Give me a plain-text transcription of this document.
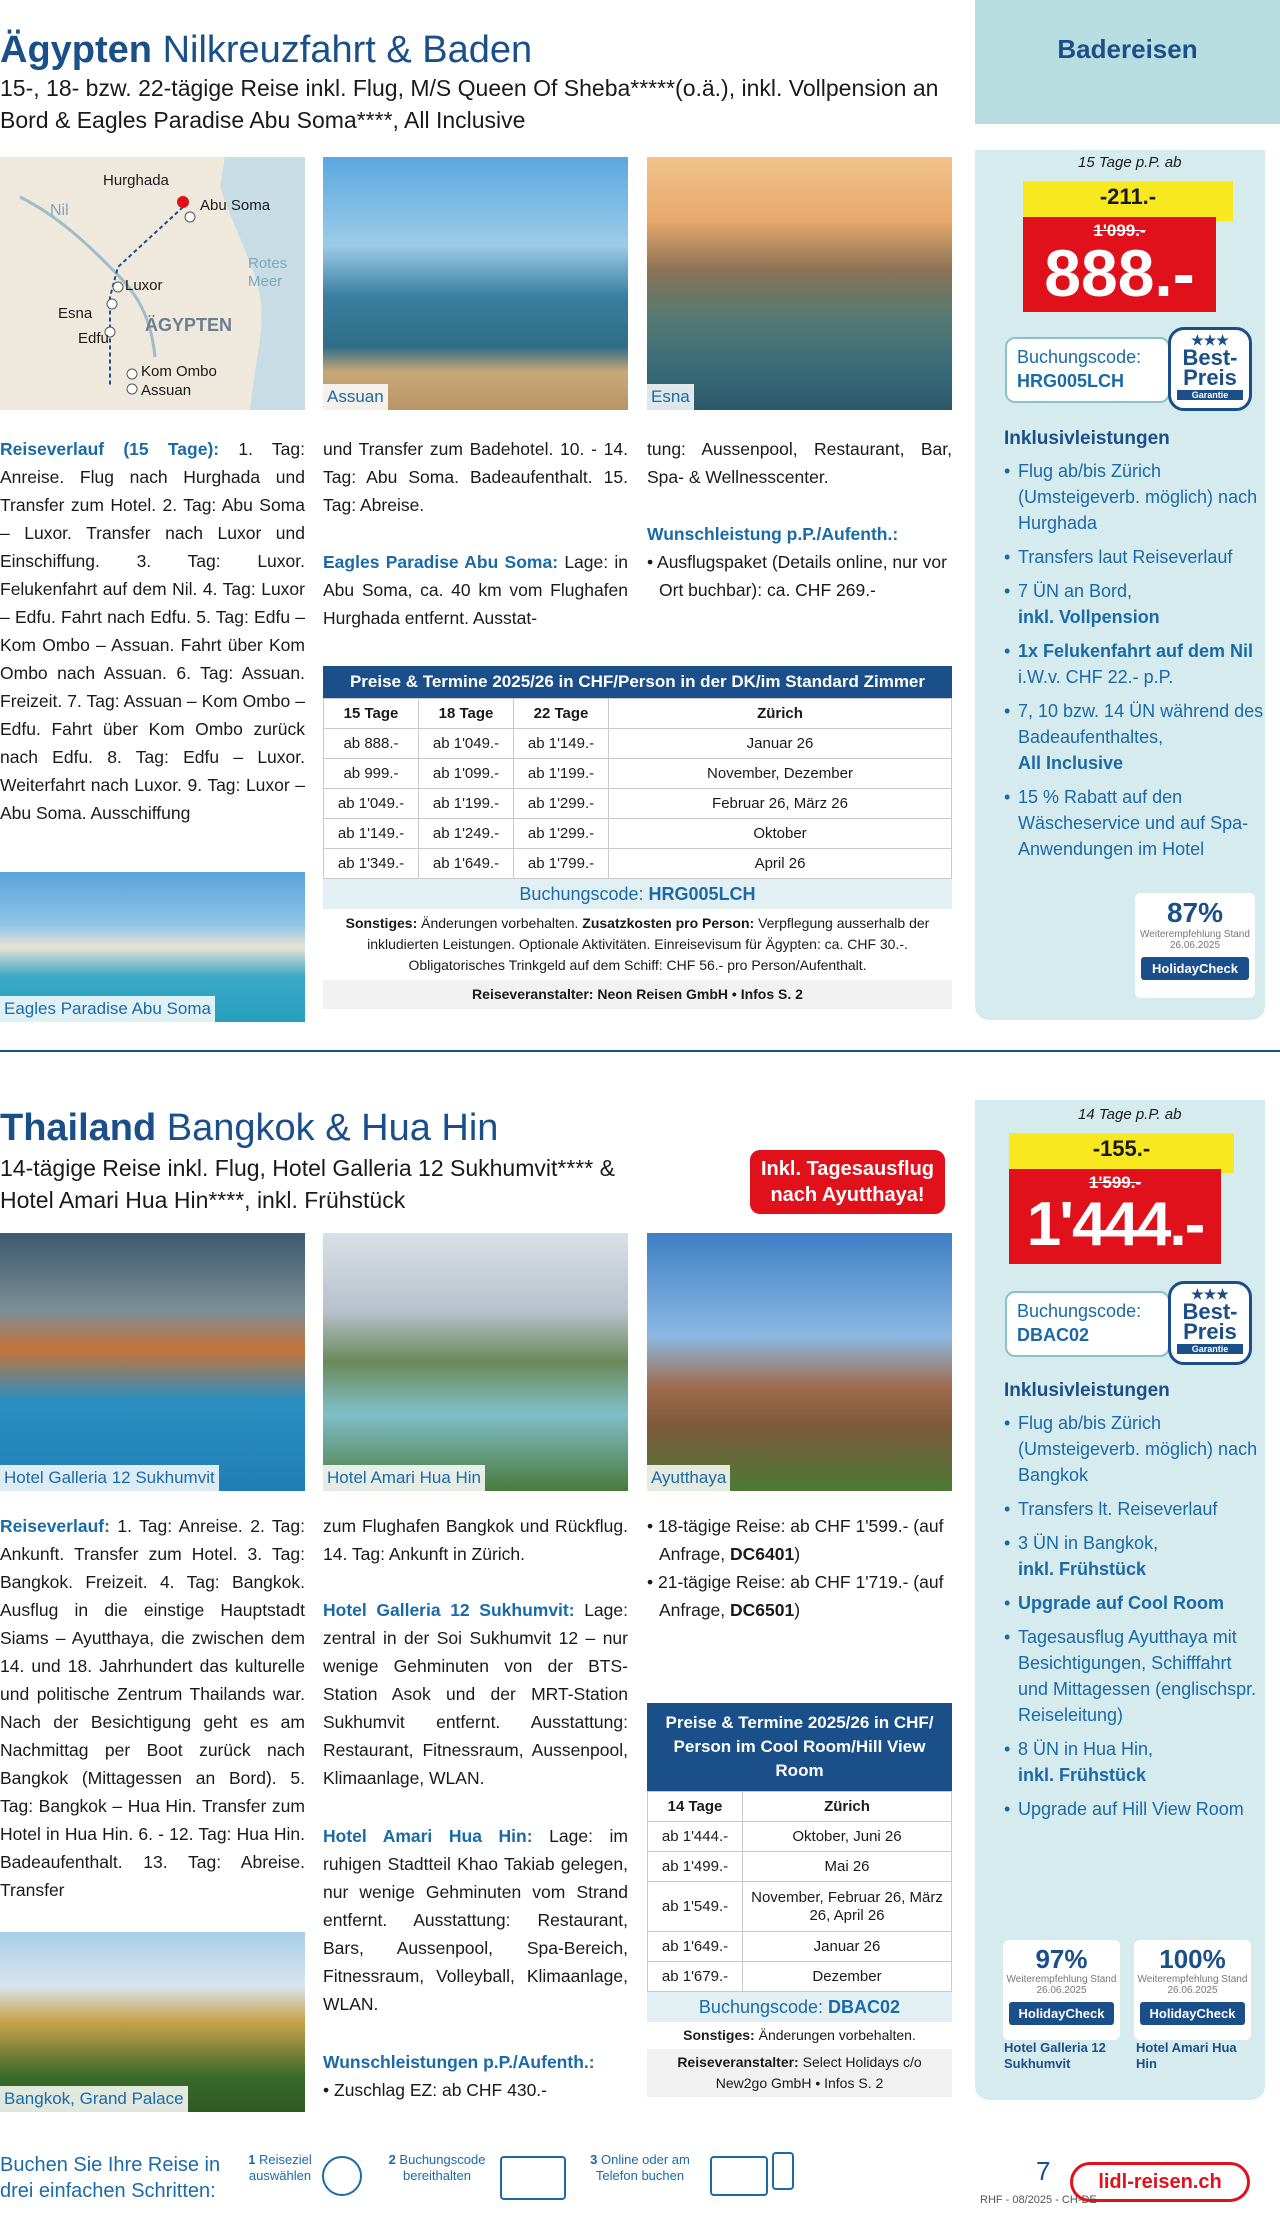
Ägypten Nilkreuzfahrt & Baden
15-, 18- bzw. 22-tägige Reise inkl. Flug, M/S Queen Of Sheba*****(o.ä.), inkl. Vollpension an Bord & Eagles Paradise Abu Soma****, All Inclusive
Hurghada
Abu Soma
Nil
Luxor
Rotes Meer
Esna
ÄGYPTEN
Edfu
Kom Ombo
Assuan	Assuan	Esna
Reiseverlauf (15 Tage): 1. Tag: Anreise. Flug nach Hurghada und Transfer zum Hotel. 2. Tag: Abu Soma – Luxor. Transfer nach Luxor und Einschiffung. 3. Tag: Luxor. Felukenfahrt auf dem Nil. 4. Tag: Luxor – Edfu. Fahrt nach Edfu. 5. Tag: Edfu – Kom Ombo – Assuan. Fahrt über Kom Ombo nach Assuan. 6. Tag: Assuan. Freizeit. 7. Tag: Assuan – Kom Ombo – Edfu. Fahrt über Kom Ombo zurück nach Edfu. 8. Tag: Edfu – Luxor. Weiterfahrt nach Luxor. 9. Tag: Luxor – Abu Soma. Ausschiffung
Eagles Paradise Abu Soma
und Transfer zum Badehotel. 10. - 14. Tag: Abu Soma. Badeaufenthalt. 15. Tag: Abreise.
Eagles Paradise Abu Soma: Lage: in Abu Soma, ca. 40 km vom Flughafen Hurghada entfernt. Ausstat-
tung: Aussenpool, Restaurant, Bar, Spa- & Wellnesscenter.
Wunschleistung p.P./Aufenth.:
• Ausflugspaket (Details online, nur vor Ort buchbar): ca. CHF 269.-
Preise & Termine 2025/26 in CHF/Person in der DK/im Standard Zimmer
15 Tage	18 Tage	22 Tage	Zürich
ab 888.-	ab 1'049.-	ab 1'149.-	Januar 26
ab 999.-	ab 1'099.-	ab 1'199.-	November, Dezember
ab 1'049.-	ab 1'199.-	ab 1'299.-	Februar 26, März 26
ab 1'149.-	ab 1'249.-	ab 1'299.-	Oktober
ab 1'349.-	ab 1'649.-	ab 1'799.-	April 26
Buchungscode: HRG005LCH
Sonstiges: Änderungen vorbehalten. Zusatzkosten pro Person: Verpflegung ausserhalb der inkludierten Leistungen. Optionale Aktivitäten. Einreisevisum für Ägypten: ca. CHF 30.-. Obligatorisches Trinkgeld auf dem Schiff: CHF 56.- pro Person/Aufenthalt.
Reiseveranstalter: Neon Reisen GmbH • Infos S. 2
Badereisen
15 Tage p.P. ab
-211.-
1'099.-
888.-
a)
Buchungscode:
HRG005LCH
★★★
Best-
Preis
Garantie
Inklusivleistungen
• Flug ab/bis Zürich (Umsteigeverb. möglich) nach Hurghada
• Transfers laut Reiseverlauf
• 7 ÜN an Bord,
inkl. Vollpension
• 1x Felukenfahrt auf dem Nil i.W.v. CHF 22.- p.P.
• 7, 10 bzw. 14 ÜN während des Badeaufenthaltes,
All Inclusive
• 15 % Rabatt auf den Wäscheservice und auf Spa-Anwendungen im Hotel
87%
Weiterempfehlung Stand 26.06.2025
HolidayCheck
Thailand Bangkok & Hua Hin
14-tägige Reise inkl. Flug, Hotel Galleria 12 Sukhumvit**** & Hotel Amari Hua Hin****, inkl. Frühstück
Inkl. Tagesausflug nach Ayutthaya!
Hotel Galleria 12 Sukhumvit	Hotel Amari Hua Hin	Ayutthaya
Reiseverlauf: 1. Tag: Anreise. 2. Tag: Ankunft. Transfer zum Hotel. 3. Tag: Bangkok. Freizeit. 4. Tag: Bangkok. Ausflug in die einstige Hauptstadt Siams – Ayutthaya, die zwischen dem 14. und 18. Jahrhundert das kulturelle und politische Zentrum Thailands war. Nach der Besichtigung geht es am Nachmittag per Boot zurück nach Bangkok (Mittagessen an Bord). 5. Tag: Bangkok – Hua Hin. Transfer zum Hotel in Hua Hin. 6. - 12. Tag: Hua Hin. Badeaufenthalt. 13. Tag: Abreise. Transfer
Bangkok, Grand Palace
zum Flughafen Bangkok und Rückflug. 14. Tag: Ankunft in Zürich.
Hotel Galleria 12 Sukhumvit: Lage: zentral in der Soi Sukhumvit 12 – nur wenige Gehminuten von der BTS-Station Asok und der MRT-Station Sukhumvit entfernt. Ausstattung: Restaurant, Fitnessraum, Aussenpool, Klimaanlage, WLAN.
Hotel Amari Hua Hin: Lage: im ruhigen Stadtteil Khao Takiab gelegen, nur wenige Gehminuten vom Strand entfernt. Ausstattung: Restaurant, Bars, Aussenpool, Spa-Bereich, Fitnessraum, Volleyball, Klimaanlage, WLAN.
Wunschleistungen p.P./Aufenth.:
• Zuschlag EZ: ab CHF 430.-
• 18-tägige Reise: ab CHF 1'599.- (auf Anfrage, DC6401)
• 21-tägige Reise: ab CHF 1'719.- (auf Anfrage, DC6501)
Preise & Termine 2025/26 in CHF/ Person im Cool Room/Hill View Room
14 Tage	Zürich
ab 1'444.-	Oktober, Juni 26
ab 1'499.-	Mai 26
ab 1'549.-	November, Februar 26, März 26, April 26
ab 1'649.-	Januar 26
ab 1'679.-	Dezember
Buchungscode: DBAC02
Sonstiges: Änderungen vorbehalten.
Reiseveranstalter: Select Holidays c/o New2go GmbH • Infos S. 2
14 Tage p.P. ab
-155.-
1'599.-
1'444.-
a)
Buchungscode:
DBAC02
★★★
Best-
Preis
Garantie
Inklusivleistungen
• Flug ab/bis Zürich (Umsteigeverb. möglich) nach Bangkok
• Transfers lt. Reiseverlauf
• 3 ÜN in Bangkok,
inkl. Frühstück
• Upgrade auf Cool Room
• Tagesausflug Ayutthaya mit Besichtigungen, Schifffahrt und Mittagessen (englischspr. Reiseleitung)
• 8 ÜN in Hua Hin,
inkl. Frühstück
• Upgrade auf Hill View Room
97%
Weiterempfehlung Stand 26.06.2025
HolidayCheck
100%
Weiterempfehlung Stand 26.06.2025
HolidayCheck
Hotel Galleria 12 Sukhumvit
Hotel Amari Hua Hin
Buchen Sie Ihre Reise in drei einfachen Schritten:
1 Reiseziel auswählen
2 Buchungscode bereithalten
3 Online oder am Telefon buchen	7
RHF - 08/2025 - CH-DE
lidl-reisen.ch
